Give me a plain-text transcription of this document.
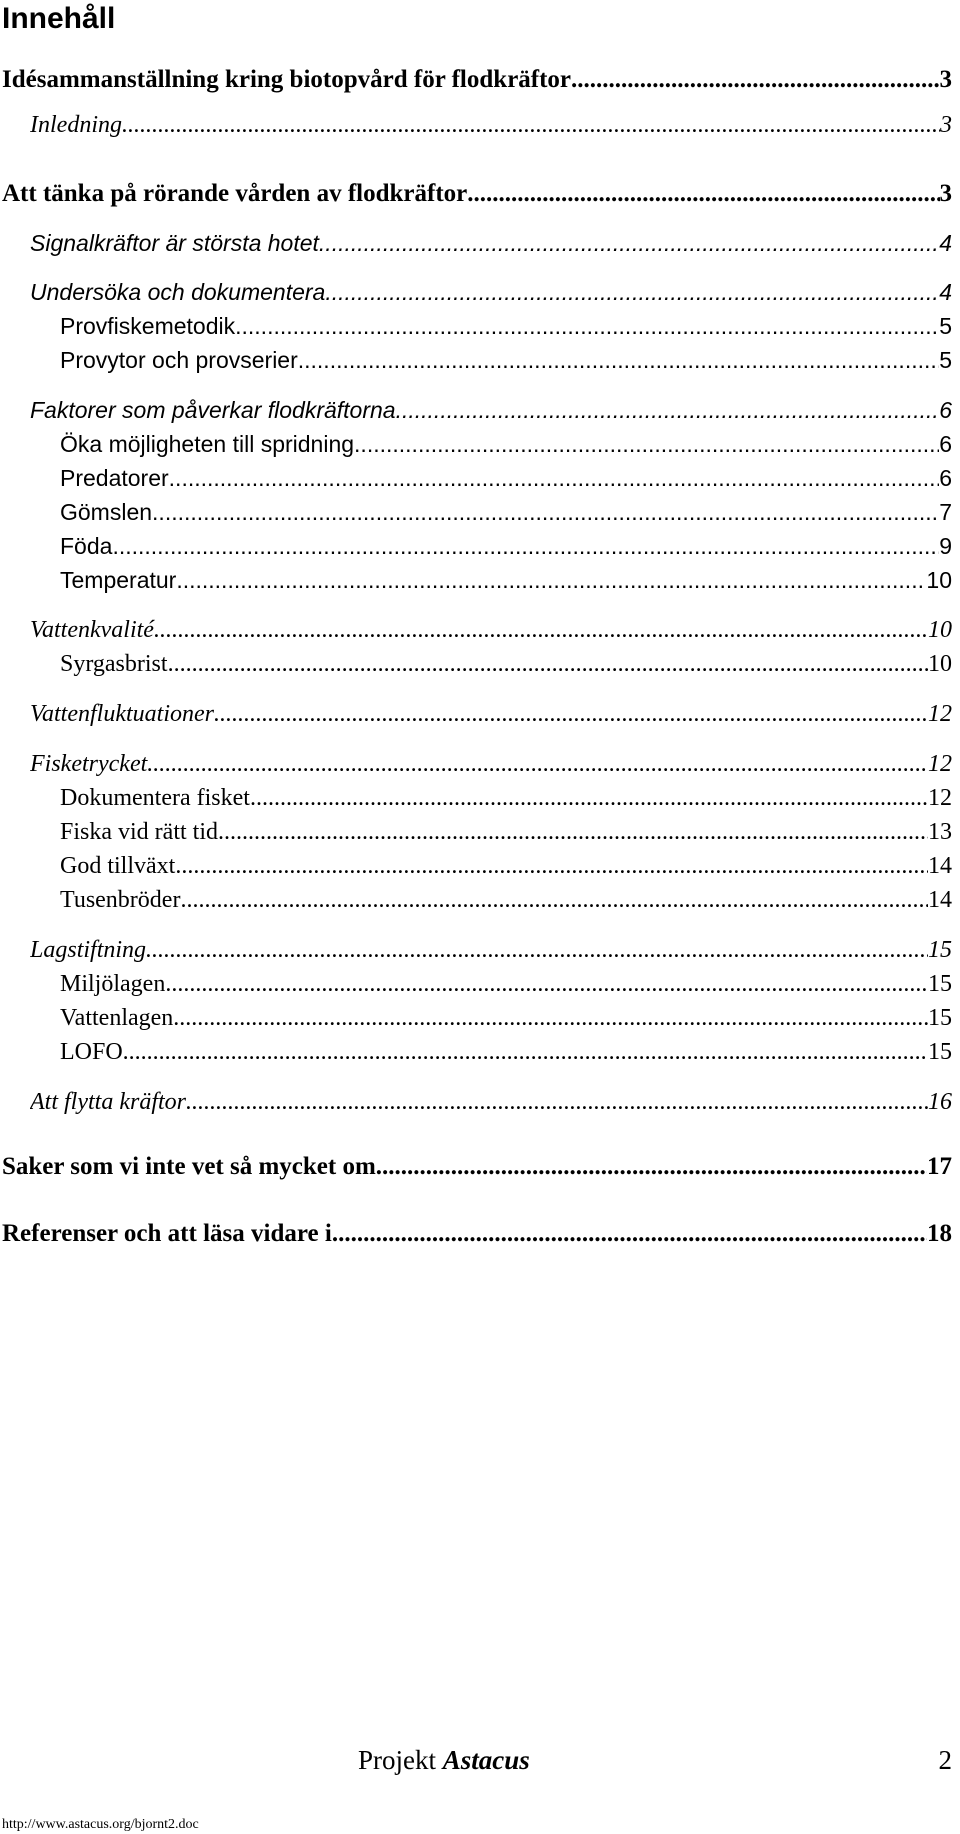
Innehåll
Idésammanställning kring biotopvård för flodkräftor .....	3
Inledning .....	3
Att tänka på rörande vården av flodkräftor .....	3
Signalkräftor är största hotet .....	4
Undersöka och dokumentera .....	4
Provfiskemetodik .....	5
Provytor och provserier .....	5
Faktorer som påverkar flodkräftorna .....	6
Öka möjligheten till spridning .....	6
Predatorer .....	6
Gömslen .....	7
Föda .....	9
Temperatur .....	10
Vattenkvalité .....	10
Syrgasbrist .....	10
Vattenfluktuationer .....	12
Fisketrycket .....	12
Dokumentera fisket .....	12
Fiska vid rätt tid .....	13
God tillväxt .....	14
Tusenbröder .....	14
Lagstiftning .....	15
Miljölagen .....	15
Vattenlagen .....	15
LOFO .....	15
Att flytta kräftor .....	16
Saker som vi inte vet så mycket om .....	17
Referenser och att läsa vidare i .....	18
Projekt Astacus	2
http://www.astacus.org/bjornt2.doc
